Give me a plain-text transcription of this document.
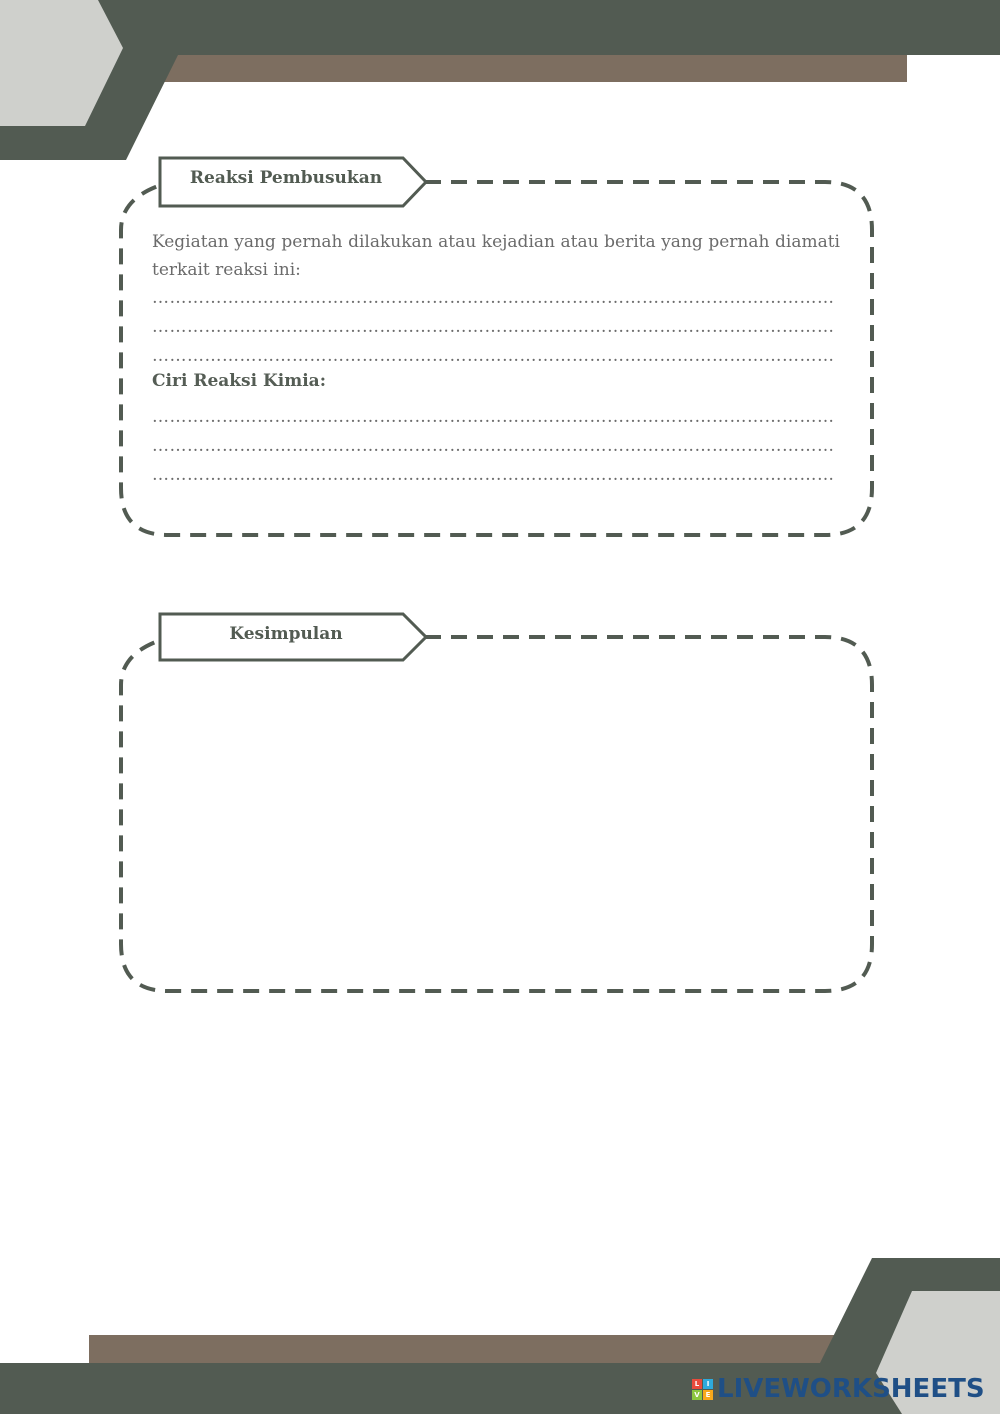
Reaksi Pembusukan
Kesimpulan
Kegiatan yang pernah dilakukan atau kejadian atau berita yang pernah diamati terkait reaksi ini:
………………………………………………………………………………………………………
………………………………………………………………………………………………………
………………………………………………………………………………………………………
Ciri Reaksi Kimia:
………………………………………………………………………………………………………
………………………………………………………………………………………………………
………………………………………………………………………………………………………
L	I
V E LIVEWORKSHEETS
